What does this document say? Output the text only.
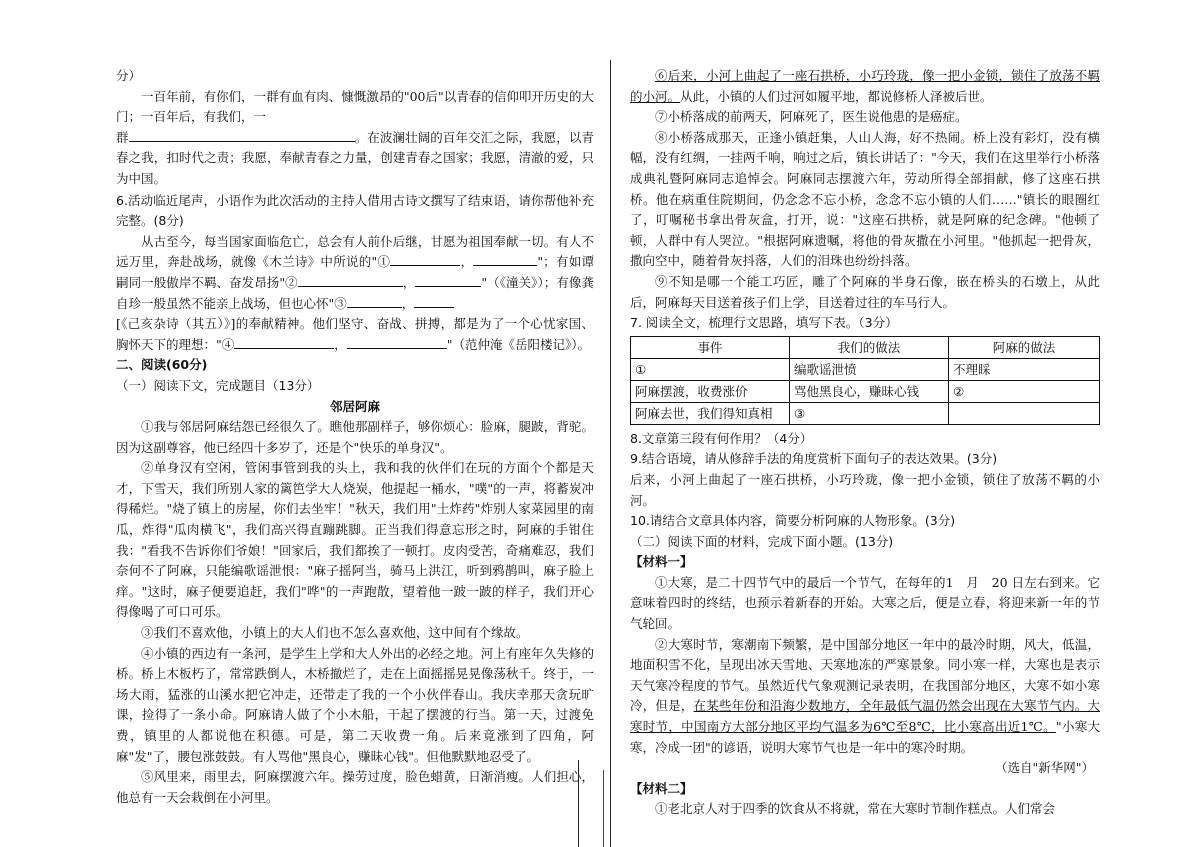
分）

一百年前，有你们，一群有血有肉、慷慨激昂的"00后"以青春的信仰叩开历史的大门；一百年后，有我们，一

群	。在波澜壮阔的百年交汇之际，我愿，以青春之我，扣时代之责；我愿，奉献青春之力量，创建青春之国家；我愿，清澈的爱，只为中国。

6.活动临近尾声，小语作为此次活动的主持人借用古诗文撰写了结束语，请你帮他补充完整。(8分)

从古至今，每当国家面临危亡，总会有人前仆后继，甘愿为祖国奉献一切。有人不远万里，奔赴战场，就像《木兰诗》中所说的"①	，	"；有如谭嗣同一般傲岸不羁、奋发昂扬"②	，	"（《潼关》）；有像龚自珍一般虽然不能亲上战场，但也心怀"③	，

[《己亥杂诗（其五）》]的奉献精神。他们坚守、奋战、拼搏，都是为了一个心忧家国、胸怀天下的理想："④	，	"（范仲淹《岳阳楼记》）。

二、阅读(60分)

（一）阅读下文，完成题目（13分）

邻居阿麻

①我与邻居阿麻结怨已经很久了。瞧他那副样子，够你烦心：脸麻，腿跛，背驼。因为这副尊容，他已经四十多岁了，还是个"快乐的单身汉"。

②单身汉有空闲，管闲事管到我的头上，我和我的伙伴们在玩的方面个个都是天才，下雪天，我们所别人家的篱笆学大人烧炭，他提起一桶水，"噗"的一声，将蓄炭冲得稀烂。"烧了镇上的房屋，你们去坐牢！"秋天，我们用"土炸药"炸别人家菜园里的南瓜，炸得"瓜肉横飞"，我们高兴得直蹦跳脚。正当我们得意忘形之时，阿麻的手钳住我："看我不告诉你们爷娘！"回家后，我们都挨了一顿打。皮肉受苦，奇痛难忍，我们奈何不了阿麻，只能编歌谣泄恨："麻子摇阿当，骑马上洪江，听到鸦鹊叫，麻子脸上痒。"这时，麻子便要追赶，我们"哗"的一声跑散，望着他一跛一跛的样子，我们开心得像喝了可口可乐。

③我们不喜欢他，小镇上的大人们也不怎么喜欢他，这中间有个缘故。

④小镇的西边有一条河，是学生上学和大人外出的必经之地。河上有座年久失修的桥。桥上木板朽了，常常跌倒人，木桥撤烂了，走在上面摇摇晃晃像荡秋千。终于，一场大雨，猛涨的山溪水把它冲走，还带走了我的一个小伙伴春山。我庆幸那天贪玩旷课，捡得了一条小命。阿麻请人做了个小木船，干起了摆渡的行当。第一天，过渡免费，镇里的人都说他在积德。可是，第二天收费一角。后来竟涨到了四角，阿麻"发"了，腰包涨鼓鼓。有人骂他"黑良心，赚昧心钱"。但他默默地忍受了。

⑤风里来，雨里去，阿麻摆渡六年。操劳过度，脸色蜡黄，日渐消瘦。人们担心，他总有一天会栽倒在小河里。

⑥后来，小河上曲起了一座石拱桥，小巧玲珑，像一把小金锁，锁住了放荡不羁的小河。从此，小镇的人们过河如履平地，都说修桥人泽被后世。

⑦小桥落成的前两天，阿麻死了，医生说他患的是癌症。

⑧小桥落成那天，正逢小镇赶集，人山人海，好不热闹。桥上没有彩灯，没有横幅，没有红绸，一挂两千响，响过之后，镇长讲话了："今天，我们在这里举行小桥落成典礼暨阿麻同志追悼会。阿麻同志摆渡六年，劳动所得全部捐献，修了这座石拱桥。他在病重住院期间，仍念念不忘小桥，念念不忘小镇的人们……"镇长的眼圈红了，叮嘱秘书拿出骨灰盒，打开，说："这座石拱桥，就是阿麻的纪念碑。"他顿了顿，人群中有人哭泣。"根据阿麻遗嘱，将他的骨灰撒在小河里。"他抓起一把骨灰，撒向空中，随着骨灰抖落，人们的泪珠也纷纷抖落。

⑨不知是哪一个能工巧匠，雕了个阿麻的半身石像，嵌在桥头的石墩上，从此后，阿麻每天目送着孩子们上学，目送着过往的车马行人。

7. 阅读全文，梳理行文思路，填写下表。（3分）

事件	我们的做法	阿麻的做法
①	编歌谣泄愤	不理睬
阿麻摆渡，收费涨价	骂他黑良心，赚昧心钱	②
阿麻去世，我们得知真相	③	

8.文章第三段有何作用？（4分）

9.结合语境，请从修辞手法的角度赏析下面句子的表达效果。(3分)

后来，小河上曲起了一座石拱桥，小巧玲珑，像一把小金锁，锁住了放荡不羁的小河。

10.请结合文章具体内容，简要分析阿麻的人物形象。(3分)

（二）阅读下面的材料，完成下面小题。(13分)

【材料一】

①大寒，是二十四节气中的最后一个节气，在每年的1　月　20 日左右到来。它意味着四时的终结，也预示着新春的开始。大寒之后，便是立春，将迎来新一年的节气轮回。

②大寒时节，寒潮南下频繁，是中国部分地区一年中的最冷时期，风大，低温，地面积雪不化，呈现出冰天雪地、天寒地冻的严寒景象。同小寒一样，大寒也是表示天气寒冷程度的节气。虽然近代气象观测记录表明，在我国部分地区，大寒不如小寒冷，但是，在某些年份和沿海少数地方，全年最低气温仍然会出现在大寒节气内。大寒时节，中国南方大部分地区平均气温多为6℃至8℃，比小寒高出近1℃。"小寒大寒，冷成一团"的谚语，说明大寒节气也是一年中的寒冷时期。

（选自"新华网"）

【材料二】

①老北京人对于四季的饮食从不将就，常在大寒时节制作糕点。人们常会
